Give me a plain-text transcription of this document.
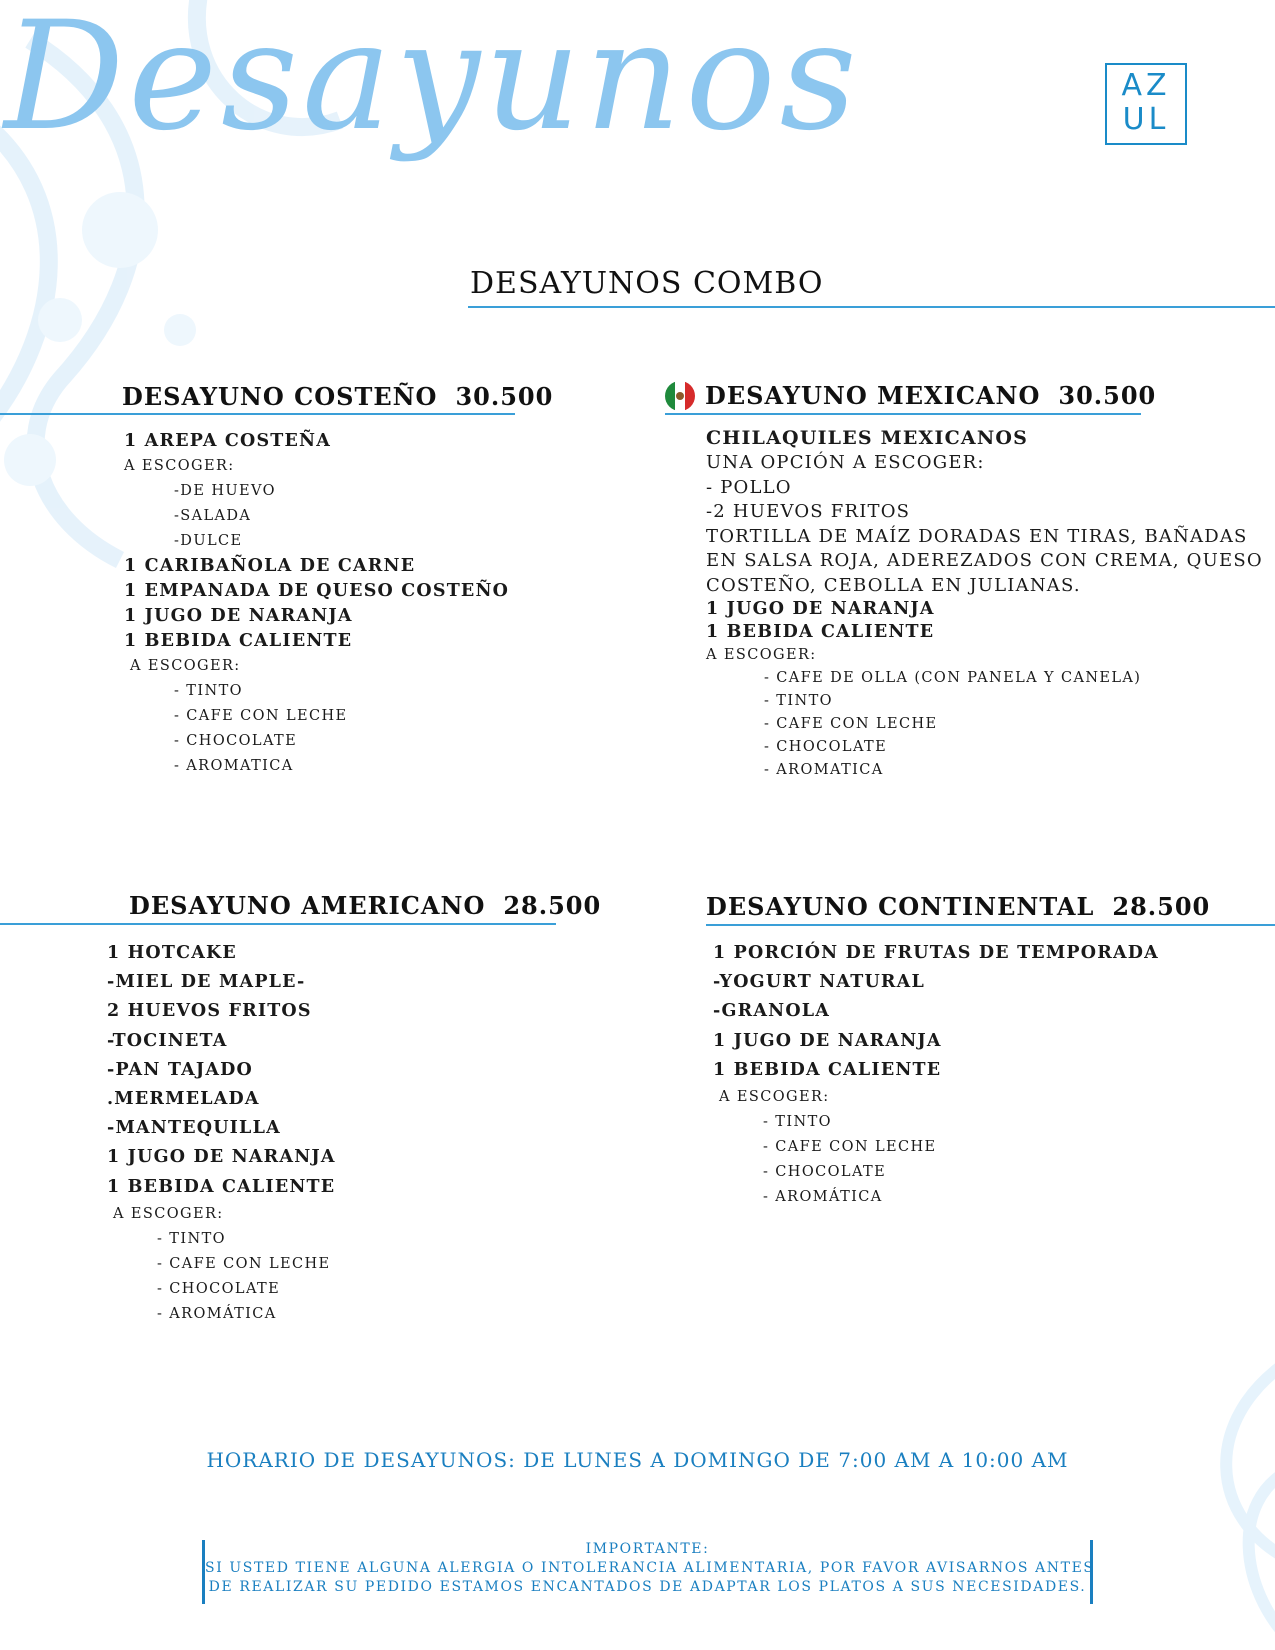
Desayunos	AZ
UL
DESAYUNOS COMBO
DESAYUNO COSTEÑO 30.500
1 AREPA COSTEÑA
A ESCOGER:
-DE HUEVO
-SALADA
-DULCE
1 CARIBAÑOLA DE CARNE
1 EMPANADA DE QUESO COSTEÑO
1 JUGO DE NARANJA
1 BEBIDA CALIENTE
A ESCOGER:
- TINTO
- CAFE CON LECHE
- CHOCOLATE
- AROMATICA
DESAYUNO MEXICANO 30.500
CHILAQUILES MEXICANOS
UNA OPCIÓN A ESCOGER:
- POLLO
-2 HUEVOS FRITOS
TORTILLA DE MAÍZ DORADAS EN TIRAS, BAÑADAS
EN SALSA ROJA, ADEREZADOS CON CREMA, QUESO
COSTEÑO, CEBOLLA EN JULIANAS.
1 JUGO DE NARANJA
1 BEBIDA CALIENTE
A ESCOGER:
- CAFE DE OLLA (CON PANELA Y CANELA)
- TINTO
- CAFE CON LECHE
- CHOCOLATE
- AROMATICA
DESAYUNO AMERICANO 28.500
1 HOTCAKE
-MIEL DE MAPLE-
2 HUEVOS FRITOS
-TOCINETA
-PAN TAJADO
.MERMELADA
-MANTEQUILLA
1 JUGO DE NARANJA
1 BEBIDA CALIENTE
A ESCOGER:
- TINTO
- CAFE CON LECHE
- CHOCOLATE
- AROMÁTICA
DESAYUNO CONTINENTAL 28.500
1 PORCIÓN DE FRUTAS DE TEMPORADA
-YOGURT NATURAL
-GRANOLA
1 JUGO DE NARANJA
1 BEBIDA CALIENTE
A ESCOGER:
- TINTO
- CAFE CON LECHE
- CHOCOLATE
- AROMÁTICA
HORARIO DE DESAYUNOS: DE LUNES A DOMINGO DE 7:00 AM A 10:00 AM
IMPORTANTE:
SI USTED TIENE ALGUNA ALERGIA O INTOLERANCIA ALIMENTARIA, POR FAVOR AVISARNOS ANTES
DE REALIZAR SU PEDIDO ESTAMOS ENCANTADOS DE ADAPTAR LOS PLATOS A SUS NECESIDADES.
